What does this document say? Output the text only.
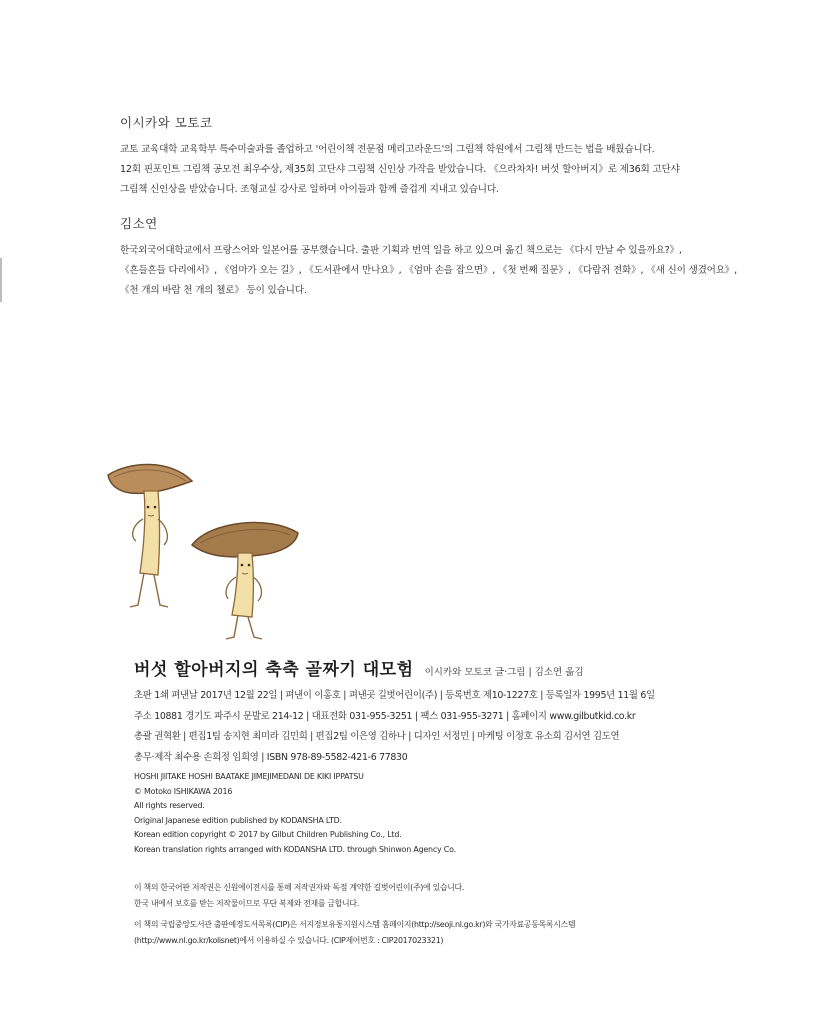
이시카와 모토코
교토 교육대학 교육학부 특수미술과를 졸업하고 '어린이책 전문점 메리고라운드'의 그림책 학원에서 그림책 만드는 법을 배웠습니다.
12회 핀포인트 그림책 공모전 최우수상, 제35회 고단샤 그림책 신인상 가작을 받았습니다. 《으라차차! 버섯 할아버지》로 제36회 고단샤
그림책 신인상을 받았습니다. 조형교실 강사로 일하며 아이들과 함께 즐겁게 지내고 있습니다.
김소연
한국외국어대학교에서 프랑스어와 일본어를 공부했습니다. 출판 기획과 번역 일을 하고 있으며 옮긴 책으로는 《다시 만날 수 있을까요?》,
《흔들흔들 다리에서》, 《엄마가 오는 길》, 《도서관에서 만나요》, 《엄마 손을 잡으면》, 《첫 번째 질문》, 《다람쥐 전화》, 《새 신이 생겼어요》,
《천 개의 바람 천 개의 첼로》 등이 있습니다.
버섯 할아버지의 축축 골짜기 대모험 이시카와 모토코 글·그림 | 김소연 옮김
초판 1쇄 펴낸날 2017년 12월 22일 | 펴낸이 이홍호 | 펴낸곳 길벗어린이(주) | 등록번호 제10-1227호 | 등록일자 1995년 11월 6일
주소 10881 경기도 파주시 문발로 214-12 | 대표전화 031-955-3251 | 팩스 031-955-3271 | 홈페이지 www.gilbutkid.co.kr
총괄 권혁환 | 편집1팀 송지현 최미라 김민희 | 편집2팀 이은영 김하나 | 디자인 서정민 | 마케팅 이정호 유소희 김서연 김도연
총무·제작 최수용 손희정 임희영 | ISBN 978-89-5582-421-6 77830
HOSHI JIITAKE HOSHI BAATAKE JIMEJIMEDANI DE KIKI IPPATSU
© Motoko ISHIKAWA 2016
All rights reserved.
Original Japanese edition published by KODANSHA LTD.
Korean edition copyright © 2017 by Gilbut Children Publishing Co., Ltd.
Korean translation rights arranged with KODANSHA LTD. through Shinwon Agency Co.
이 책의 한국어판 저작권은 신원에이전시를 통해 저작권자와 독점 계약한 길벗어린이(주)에 있습니다.
한국 내에서 보호를 받는 저작물이므로 무단 복제와 전재를 금합니다.
이 책의 국립중앙도서관 출판예정도서목록(CIP)은 서지정보유통지원시스템 홈페이지(http://seoji.nl.go.kr)와 국가자료공동목록시스템
(http://www.nl.go.kr/kolisnet)에서 이용하실 수 있습니다. (CIP제어번호 : CIP2017023321)
